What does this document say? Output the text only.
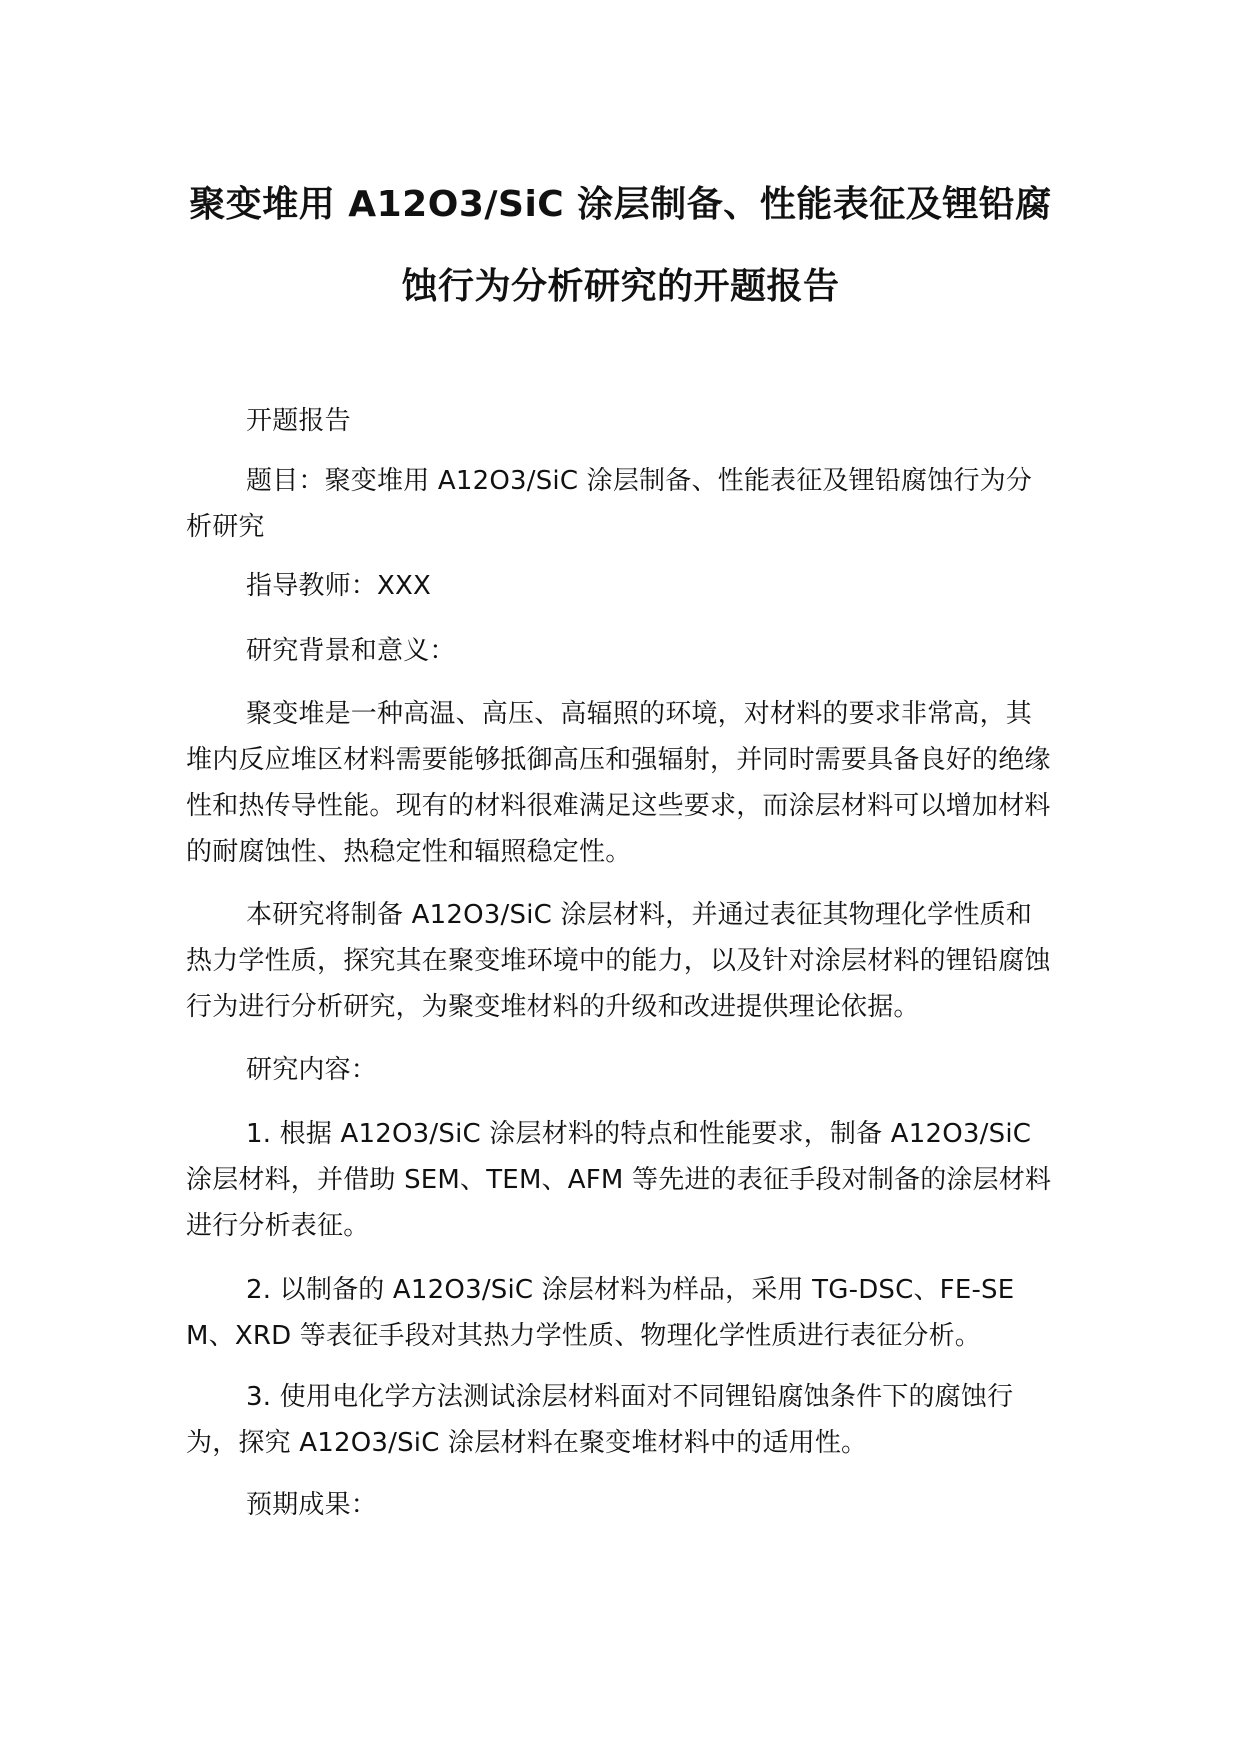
聚变堆用 A12O3/SiC 涂层制备、性能表征及锂铅腐
蚀行为分析研究的开题报告

开题报告

题目：聚变堆用 A12O3/SiC 涂层制备、性能表征及锂铅腐蚀行为分析研究

指导教师：XXX

研究背景和意义：

聚变堆是一种高温、高压、高辐照的环境，对材料的要求非常高，其堆内反应堆区材料需要能够抵御高压和强辐射，并同时需要具备良好的绝缘性和热传导性能。现有的材料很难满足这些要求，而涂层材料可以增加材料的耐腐蚀性、热稳定性和辐照稳定性。

本研究将制备 A12O3/SiC 涂层材料，并通过表征其物理化学性质和热力学性质，探究其在聚变堆环境中的能力，以及针对涂层材料的锂铅腐蚀行为进行分析研究，为聚变堆材料的升级和改进提供理论依据。

研究内容：

1. 根据 A12O3/SiC 涂层材料的特点和性能要求，制备 A12O3/SiC 涂层材料，并借助 SEM、TEM、AFM 等先进的表征手段对制备的涂层材料进行分析表征。

2. 以制备的 A12O3/SiC 涂层材料为样品，采用 TG-DSC、FE-SEM、XRD 等表征手段对其热力学性质、物理化学性质进行表征分析。

3. 使用电化学方法测试涂层材料面对不同锂铅腐蚀条件下的腐蚀行为，探究 A12O3/SiC 涂层材料在聚变堆材料中的适用性。

预期成果：
